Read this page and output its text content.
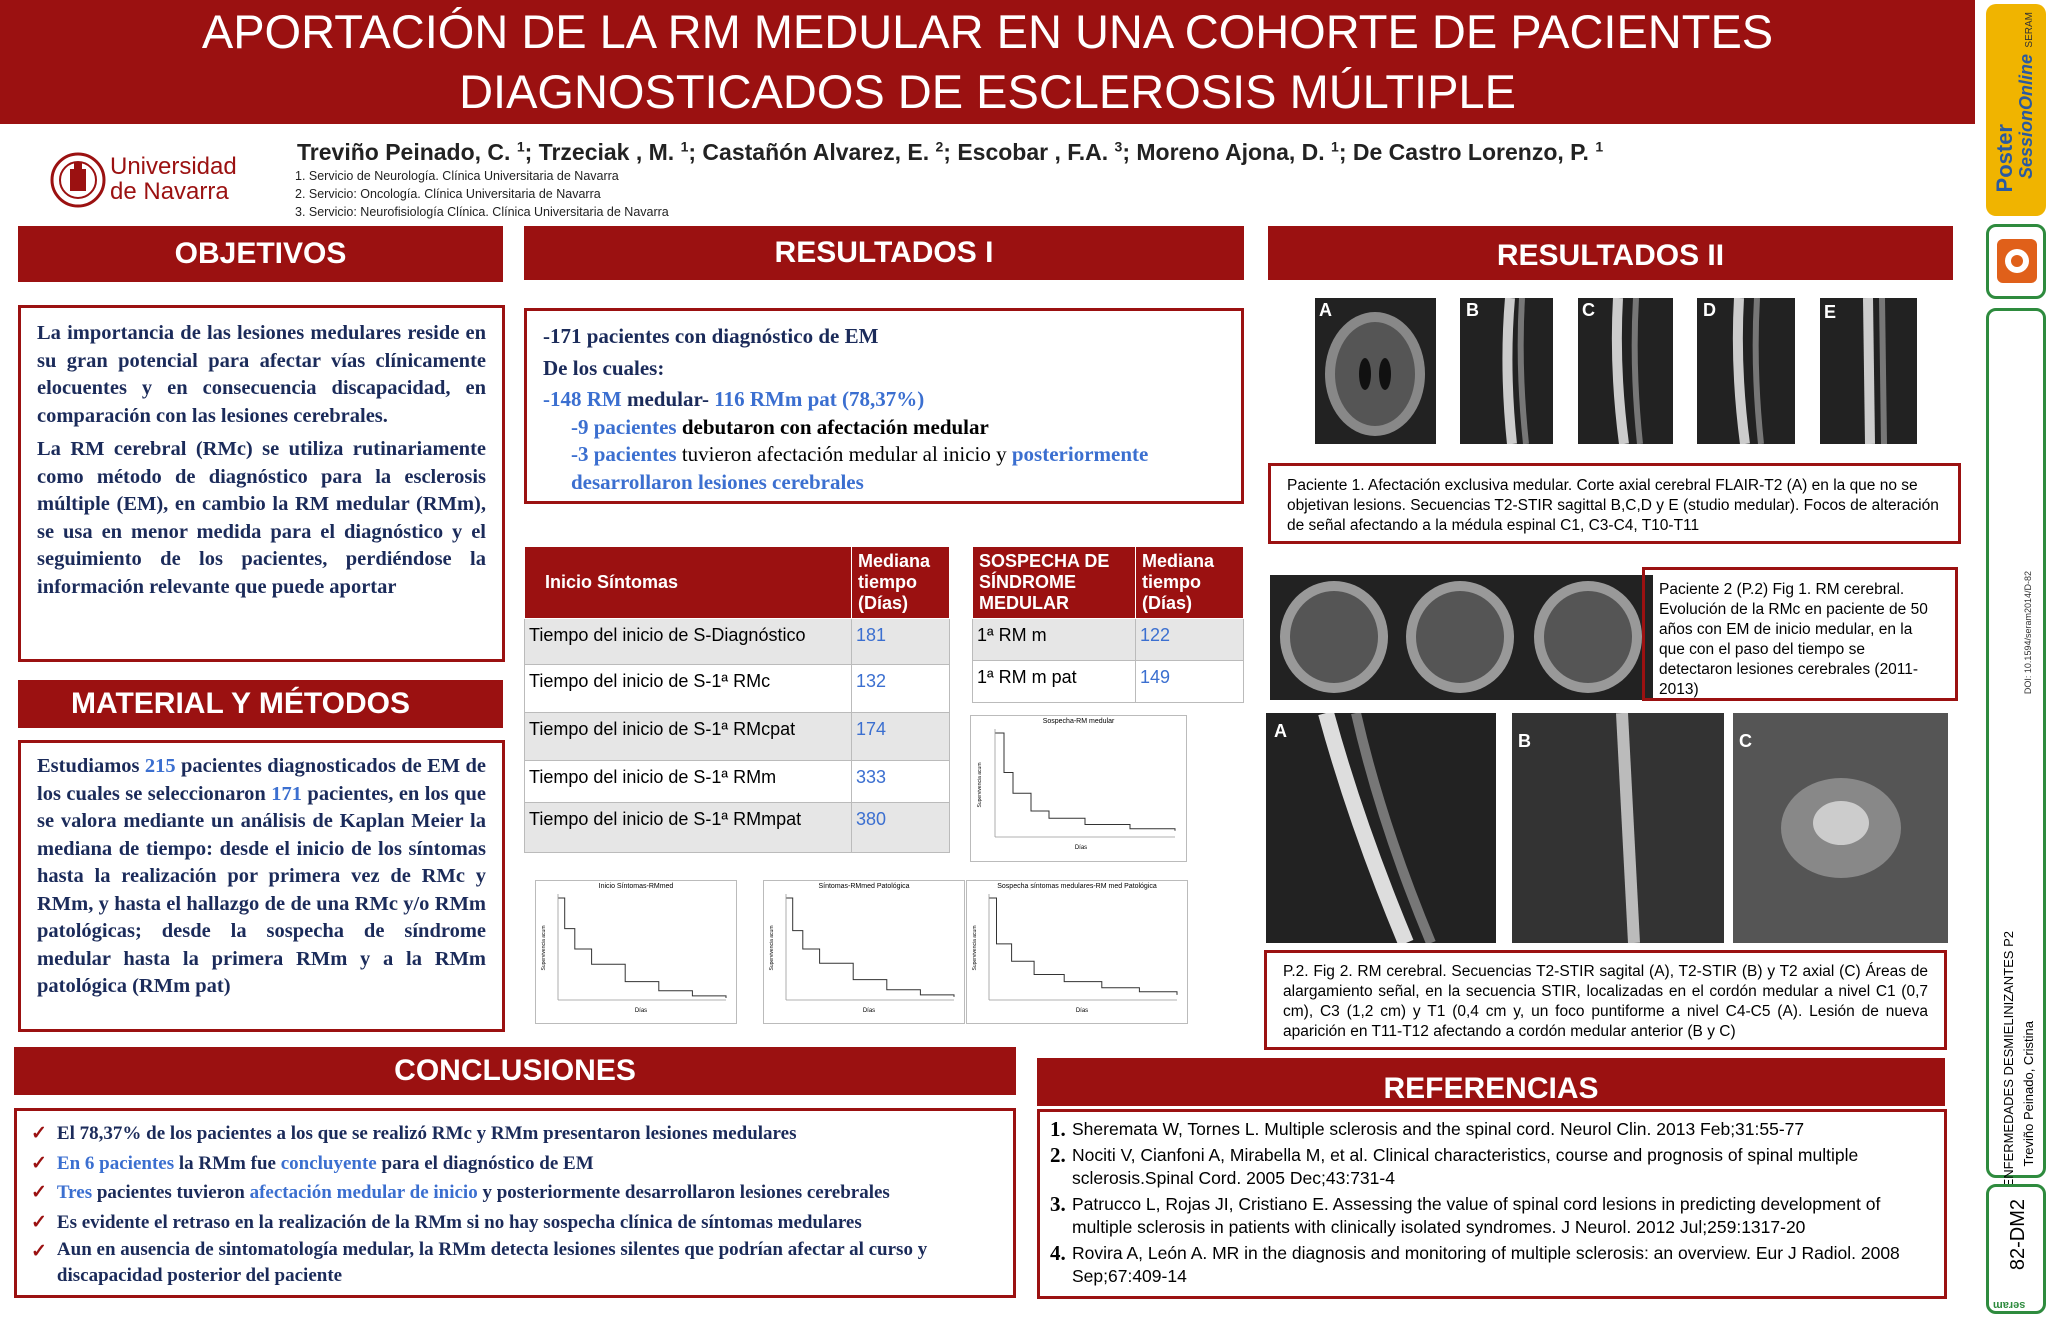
APORTACIÓN DE LA RM MEDULAR EN UNA COHORTE DE PACIENTES
DIAGNOSTICADOS DE ESCLEROSIS MÚLTIPLE
Universidad
de Navarra
Treviño Peinado, C. $^1$; Trzeciak , M. $^1$; Castañón Alvarez, E. $^2$; Escobar , F.A. $^3$; Moreno Ajona, D. $^1$; De Castro Lorenzo, P. $^1$
1. Servicio de Neurología. Clínica Universitaria de Navarra
2. Servicio: Oncología. Clínica Universitaria de Navarra
3. Servicio: Neurofisiología Clínica. Clínica Universitaria de Navarra
SERAM
Poster SessionOnline
DOI: 10.1594/seram2014/D-82
ENFERMEDADES DESMIELINIZANTES P2 Treviño Peinado, Cristina
82-DM2
seram
OBJETIVOS
La importancia de las lesiones medulares reside en su gran potencial para afectar vías clínicamente elocuentes y en consecuencia discapacidad, en comparación con las lesiones cerebrales.
La RM cerebral (RMc) se utiliza rutinariamente como método de diagnóstico para la esclerosis múltiple (EM), en cambio la RM medular (RMm), se usa en menor medida para el diagnóstico y el seguimiento de los pacientes, perdiéndose la información relevante que puede aportar
MATERIAL Y MÉTODOS
Estudiamos 215 pacientes diagnosticados de EM de los cuales se seleccionaron 171 pacientes, en los que se valora mediante un análisis de Kaplan Meier la mediana de tiempo: desde el inicio de los síntomas hasta la realización por primera vez de RMc y RMm, y hasta el hallazgo de de una RMc y/o RMm patológicas; desde la sospecha de síndrome medular hasta la primera RMm y a la RMm patológica (RMm pat)
RESULTADOS I
-171 pacientes con diagnóstico de EM
De los cuales:
-148 RM medular- 116 RMm pat (78,37%)
-9 pacientes debutaron con afectación medular
-3 pacientes tuvieron afectación medular al inicio y posteriormente desarrollaron lesiones cerebrales
Inicio Síntomas	Mediana tiempo (Días)
Tiempo del inicio de S-Diagnóstico	181
Tiempo del inicio de S-1ª RMc	132
Tiempo del inicio de S-1ª RMcpat	174
Tiempo del inicio de S-1ª RMm	333
Tiempo del inicio de S-1ª RMmpat	380
SOSPECHA DE SÍNDROME MEDULAR	Mediana tiempo (Días)
1ª RM m	122
1ª RM m pat	149
Sospecha-RM medular
Días
Supervivencia acum
Inicio Síntomas-RMmed
Días
Supervivencia acum
Síntomas-RMmed Patológica
Días
Supervivencia acum
Sospecha síntomas medulares-RM med Patológica
Días
Supervivencia acum
RESULTADOS II
A	B	C	D	E
Paciente 1. Afectación exclusiva medular. Corte axial cerebral FLAIR-T2 (A) en la que no se objetivan lesions. Secuencias T2-STIR sagittal B,C,D y E (studio medular). Focos de alteración de señal afectando a la médula espinal C1, C3-C4, T10-T11
Paciente 2 (P.2) Fig 1. RM cerebral. Evolución de la RMc en paciente de 50 años con EM de inicio medular, en la que con el paso del tiempo se detectaron lesiones cerebrales (2011-2013)
A	B	C
P.2. Fig 2. RM cerebral. Secuencias T2-STIR sagital (A), T2-STIR (B) y T2 axial (C) Áreas de alargamiento señal, en la secuencia STIR, localizadas en el cordón medular a nivel C1 (0,7 cm), C3 (1,2 cm) y T1 (0,4 cm y, un foco puntiforme a nivel C4-C5 (A). Lesión de nueva aparición en T11-T12 afectando a cordón medular anterior (B y C)
CONCLUSIONES
✓ El 78,37% de los pacientes a los que se realizó RMc y RMm presentaron lesiones medulares
✓ En 6 pacientes la RMm fue concluyente para el diagnóstico de EM
✓ Tres pacientes tuvieron afectación medular de inicio y posteriormente desarrollaron lesiones cerebrales
✓ Es evidente el retraso en la realización de la RMm si no hay sospecha clínica de síntomas medulares
✓ Aun en ausencia de sintomatología medular, la RMm detecta lesiones silentes que podrían afectar al curso y discapacidad posterior del paciente
REFERENCIAS
1. Sheremata W, Tornes L. Multiple sclerosis and the spinal cord. Neurol Clin. 2013 Feb;31:55-77
2. Nociti V, Cianfoni A, Mirabella M, et al. Clinical characteristics, course and prognosis of spinal multiple sclerosis.Spinal Cord. 2005 Dec;43:731-4
3. Patrucco L, Rojas JI, Cristiano E. Assessing the value of spinal cord lesions in predicting development of multiple sclerosis in patients with clinically isolated syndromes. J Neurol. 2012 Jul;259:1317-20
4. Rovira A, León A. MR in the diagnosis and monitoring of multiple sclerosis: an overview. Eur J Radiol. 2008 Sep;67:409-14
